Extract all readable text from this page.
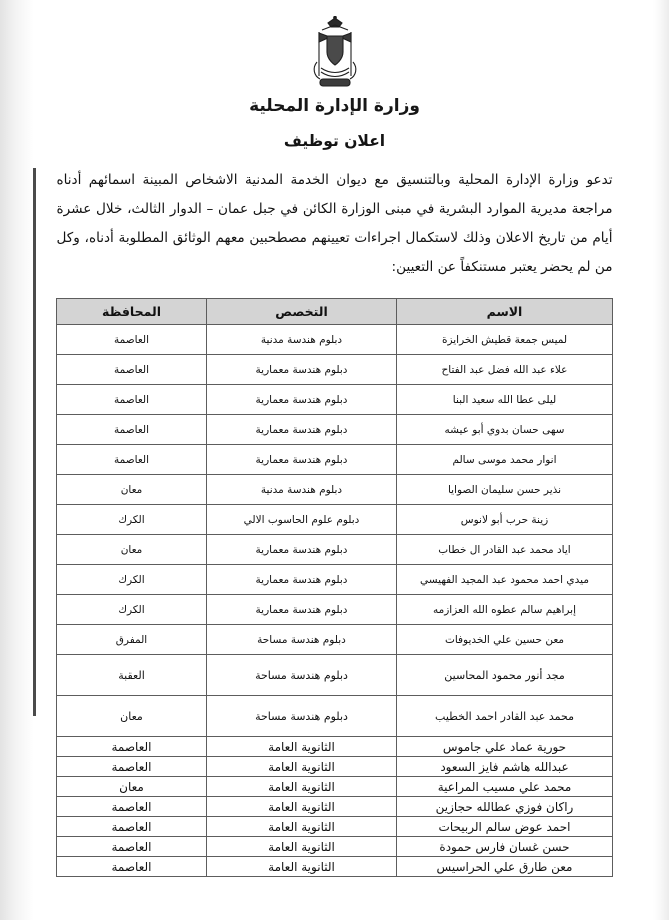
وزارة الإدارة المحلية
اعلان توظيف
تدعو وزارة الإدارة المحلية وبالتنسيق مع ديوان الخدمة المدنية الاشخاص المبينة اسمائهم أدناه مراجعة مديرية الموارد البشرية في مبنى الوزارة الكائن في جبل عمان – الدوار الثالث، خلال عشرة أيام من تاريخ الاعلان وذلك لاستكمال اجراءات تعيينهم مصطحبين معهم الوثائق المطلوبة أدناه، وكل من لم يحضر يعتبر مستنكفاً عن التعيين:
الاسم	التخصص	المحافظة
لميس جمعة قطيش الخرايزة	دبلوم هندسة مدنية	العاصمة
علاء عبد الله فضل عبد الفتاح	دبلوم هندسة معمارية	العاصمة
ليلى عطا الله سعيد البنا	دبلوم هندسة معمارية	العاصمة
سهى حسان بدوي أبو عيشه	دبلوم هندسة معمارية	العاصمة
انوار محمد موسى سالم	دبلوم هندسة معمارية	العاصمة
نذير حسن سليمان الصوايا	دبلوم هندسة مدنية	معان
زينة حرب أبو لانوس	دبلوم علوم الحاسوب الالي	الكرك
اياد محمد عبد القادر ال خطاب	دبلوم هندسة معمارية	معان
ميدي احمد محمود عبد المجيد الفهيسي	دبلوم هندسة معمارية	الكرك
إبراهيم سالم عطوه الله العزازمه	دبلوم هندسة معمارية	الكرك
معن حسين علي الخديوفات	دبلوم هندسة مساحة	المفرق
مجد أنور محمود المحاسين	دبلوم هندسة مساحة	العقبة
محمد عبد القادر احمد الخطيب	دبلوم هندسة مساحة	معان
حورية عماد علي جاموس	الثانوية العامة	العاصمة
عبدالله هاشم فايز السعود	الثانوية العامة	العاصمة
محمد علي مسيب المراعية	الثانوية العامة	معان
راكان فوزي عطالله حجازين	الثانوية العامة	العاصمة
احمد عوض سالم الربيحات	الثانوية العامة	العاصمة
حسن غسان فارس حمودة	الثانوية العامة	العاصمة
معن طارق علي الحراسيس	الثانوية العامة	العاصمة
